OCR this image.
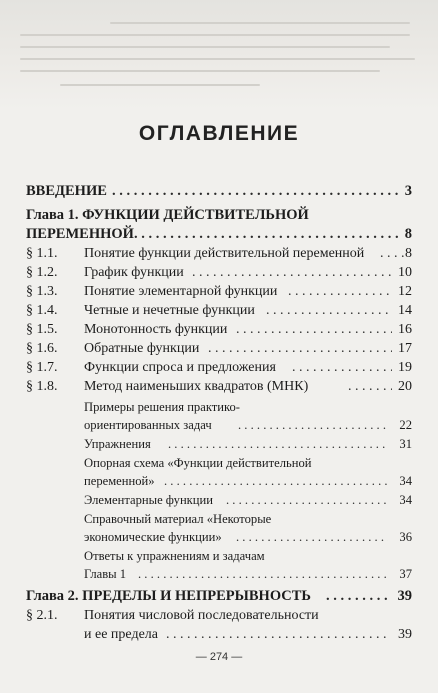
ОГЛАВЛЕНИЕ
ВВЕДЕНИЕ . . .	3
Глава 1. ФУНКЦИИ ДЕЙСТВИТЕЛЬНОЙ
ПЕРЕМЕННОЙ . . .	8
§ 1.1. Понятие функции действительной переменной . . .	8
§ 1.2. График функции . . .	10
§ 1.3. Понятие элементарной функции . . .	12
§ 1.4. Четные и нечетные функции . . .	14
§ 1.5. Монотонность функции . . .	16
§ 1.6. Обратные функции . . .	17
§ 1.7. Функции спроса и предложения . . .	19
§ 1.8. Метод наименьших квадратов (МНК) . . .	20
Примеры решения практико-
ориентированных задач . . .	22
Упражнения . . .	31
Опорная схема «Функции действительной
переменной» . . .	34
Элементарные функции . . .	34
Справочный материал «Некоторые
экономические функции» . . .	36
Ответы к упражнениям и задачам
Главы 1 . . .	37
Глава 2. ПРЕДЕЛЫ И НЕПРЕРЫВНОСТЬ . . .	39
§ 2.1. Понятия числовой последовательности
и ее предела . . .	39
— 274 —
